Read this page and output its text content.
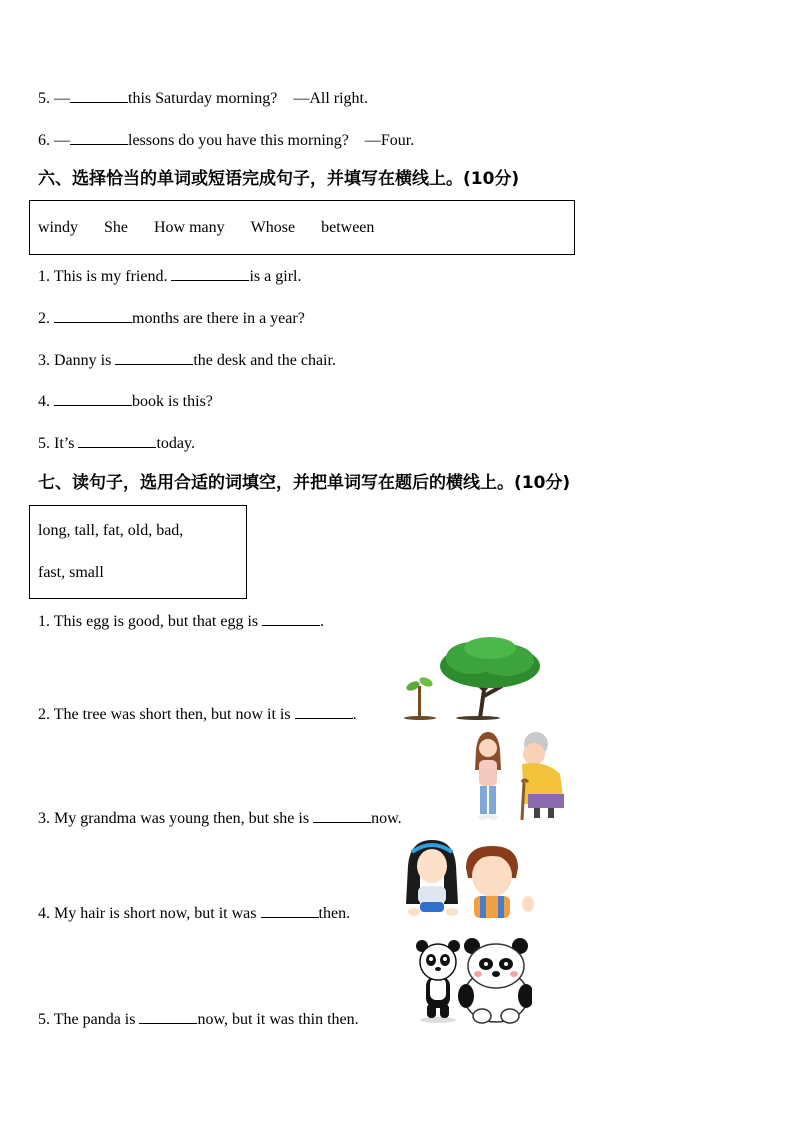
5. —	this Saturday morning? —All right.
6. —	lessons do you have this morning? —Four.
六、选择恰当的单词或短语完成句子，并填写在横线上。(10分)
windy She How many Whose between
1. This is my friend.	is a girl.
2.	months are there in a year?
3. Danny is	the desk and the chair.
4.	book is this?
5. It’s	today.
七、读句子，选用合适的词填空，并把单词写在题后的横线上。(10分)
long, tall, fat, old, bad,
fast, small
1. This egg is good, but that egg is	.
2. The tree was short then, but now it is	.
3. My grandma was young then, but she is	now.
4. My hair is short now, but it was	then.
5. The panda is	now, but it was thin then.
